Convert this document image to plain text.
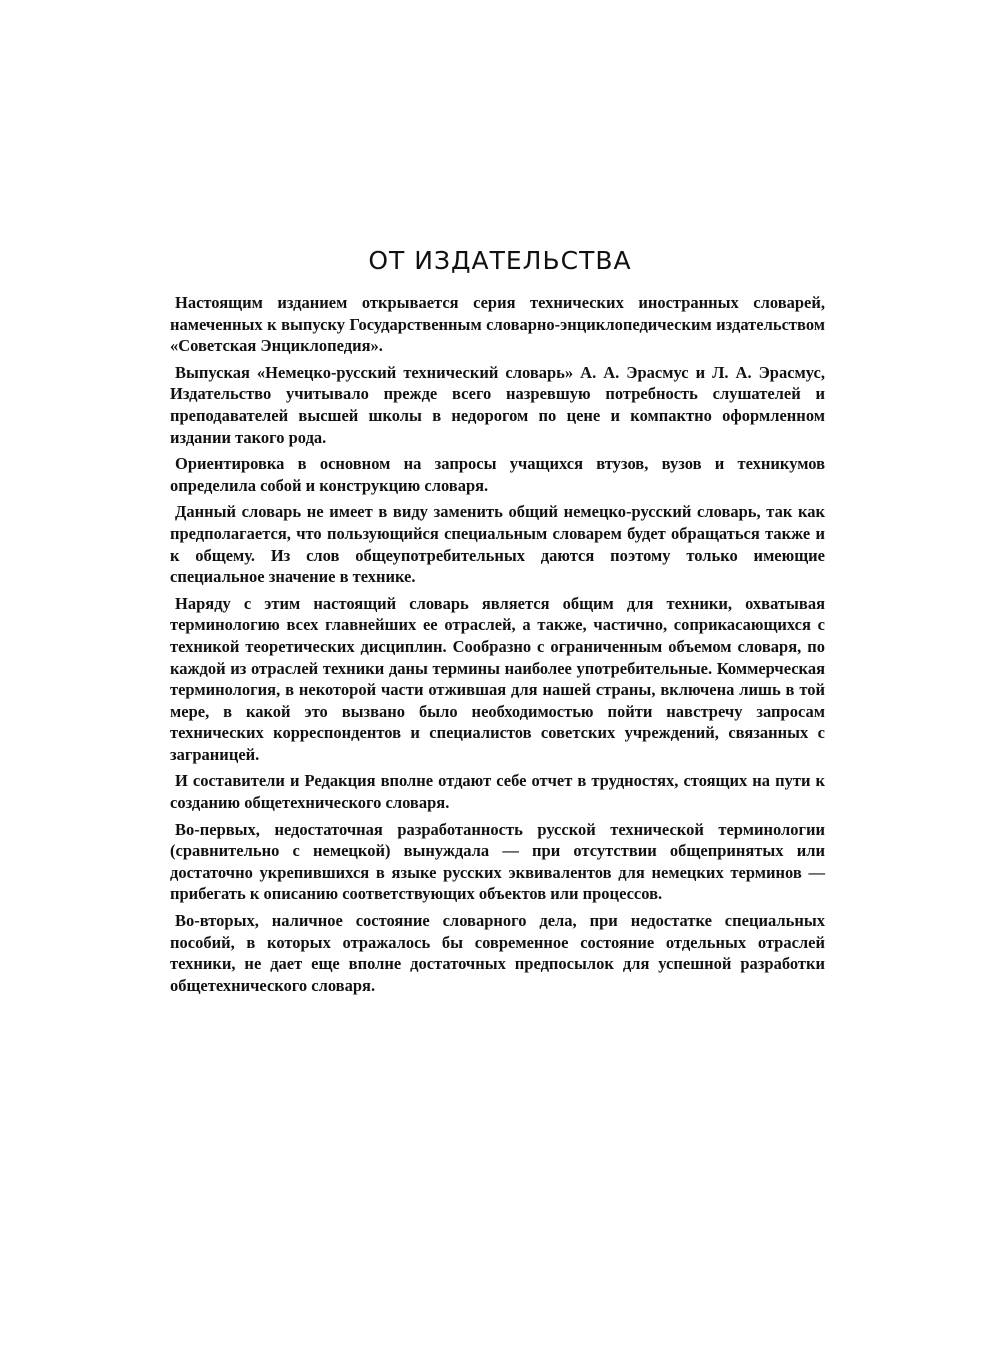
ОТ ИЗДАТЕЛЬСТВА

Настоящим изданием открывается серия технических иностранных словарей, намеченных к выпуску Государственным словарно-энциклопедическим издательством «Советская Энциклопедия».

Выпуская «Немецко-русский технический словарь» А. А. Эрасмус и Л. А. Эрасмус, Издательство учитывало прежде всего назревшую потребность слушателей и преподавателей высшей школы в недорогом по цене и компактно оформленном издании такого рода.

Ориентировка в основном на запросы учащихся втузов, вузов и техникумов определила собой и конструкцию словаря.

Данный словарь не имеет в виду заменить общий немецко-русский словарь, так как предполагается, что пользующийся специальным словарем будет обращаться также и к общему. Из слов общеупотребительных даются поэтому только имеющие специальное значение в технике.

Наряду с этим настоящий словарь является общим для техники, охватывая терминологию всех главнейших ее отраслей, а также, частично, соприкасающихся с техникой теоретических дисциплин. Сообразно с ограниченным объемом словаря, по каждой из отраслей техники даны термины наиболее употребительные. Коммерческая терминология, в некоторой части отжившая для нашей страны, включена лишь в той мере, в какой это вызвано было необходимостью пойти навстречу запросам технических корреспондентов и специалистов советских учреждений, связанных с заграницей.

И составители и Редакция вполне отдают себе отчет в трудностях, стоящих на пути к созданию общетехнического словаря.

Во-первых, недостаточная разработанность русской технической терминологии (сравнительно с немецкой) вынуждала — при отсутствии общепринятых или достаточно укрепившихся в языке русских эквивалентов для немецких терминов — прибегать к описанию соответствующих объектов или процессов.

Во-вторых, наличное состояние словарного дела, при недостатке специальных пособий, в которых отражалось бы современное состояние отдельных отраслей техники, не дает еще вполне достаточных предпосылок для успешной разработки общетехнического словаря.
